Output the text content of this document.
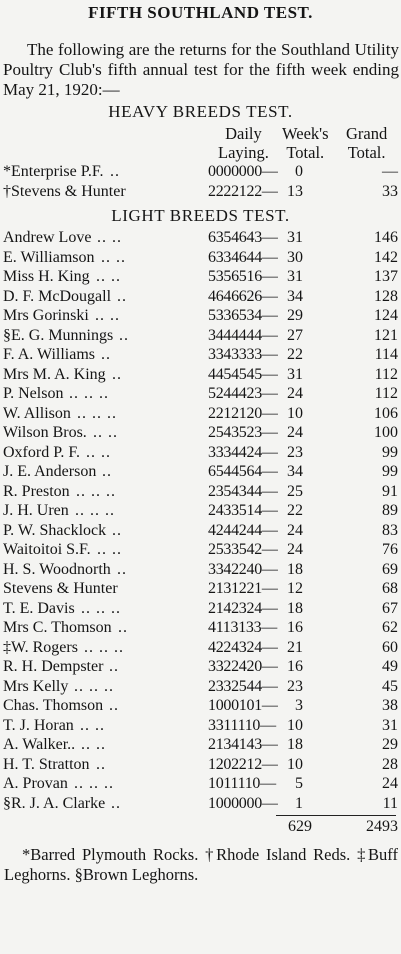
FIFTH SOUTHLAND TEST.
The following are the returns for the Southland Utility Poultry Club's fifth annual test for the fifth week ending May 21, 1920:—
HEAVY BREEDS TEST.
Daily
Laying.
Week's
Total.
Grand
Total.
*Enterprise P.F.	0000000—	0	—
..
†Stevens & Hunter	2222122— 13	33
LIGHT BREEDS TEST.
Andrew Love	6354643— 31	146
.. ..
E. Williamson	6334644— 30	142
.. ..
Miss H. King	5356516— 31	137
.. ..
D. F. McDougall	4646626— 34	128
..
Mrs Gorinski	5336534— 29	124
.. ..
§E. G. Munnings	3444444— 27	121
..
F. A. Williams	3343333— 22	114
..
Mrs M. A. King	4454545— 31	112
..
P. Nelson	5244423— 24	112
.. .. ..
W. Allison	2212120— 10	106
.. .. ..
Wilson Bros.	2543523— 24	100
.. ..
Oxford P. F.	3334424— 23	99
.. ..
J. E. Anderson	6544564— 34	99
..
R. Preston	2354344— 25	91
.. .. ..
J. H. Uren	2433514— 22	89
.. .. ..
P. W. Shacklock	4244244— 24	83
..
Waitoitoi S.F.	2533542— 24	76
.. ..
H. S. Woodnorth	3342240— 18	69
..
Stevens & Hunter	2131221— 12	68
T. E. Davis	2142324— 18	67
.. .. ..
Mrs C. Thomson	4113133— 16	62
..
‡W. Rogers	4224324— 21	60
.. .. ..
R. H. Dempster	3322420— 16	49
..
Mrs Kelly	2332544— 23	45
.. .. ..
Chas. Thomson	1000101—	3	38
..
T. J. Horan	3311110— 10	31
.. ..
A. Walker..	2134143— 18	29
.. ..
H. T. Stratton	1202212— 10	28
..
A. Provan	1011110—	5	24
.. .. ..
§R. J. A. Clarke	1000000—	1	11
..
629	2493
*Barred Plymouth Rocks. †Rhode Island Reds. ‡Buff Leghorns. §Brown Leghorns.
